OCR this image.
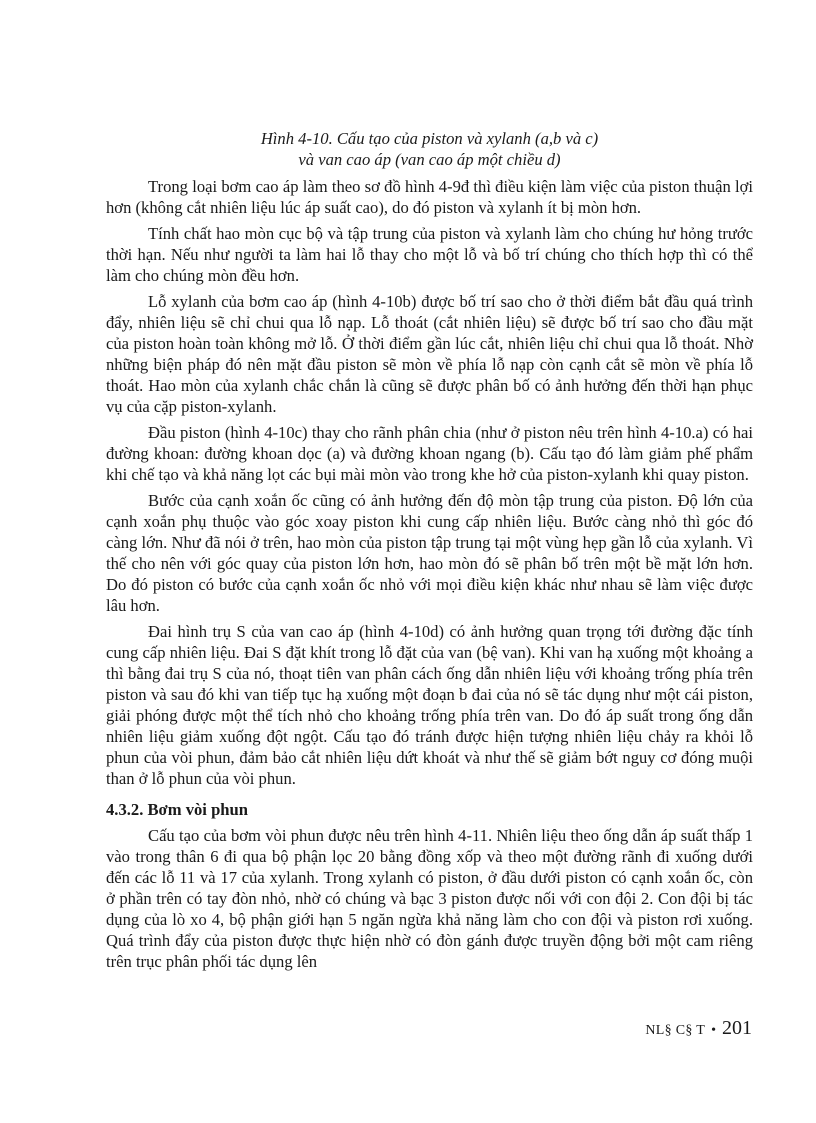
Hình 4-10. Cấu tạo của piston và xylanh (a,b và c)
và van cao áp (van cao áp một chiều d)

Trong loại bơm cao áp làm theo sơ đồ hình 4-9đ thì điều kiện làm việc của piston thuận lợi hơn (không cắt nhiên liệu lúc áp suất cao), do đó piston và xylanh ít bị mòn hơn.

Tính chất hao mòn cục bộ và tập trung của piston và xylanh làm cho chúng hư hỏng trước thời hạn. Nếu như người ta làm hai lỗ thay cho một lỗ và bố trí chúng cho thích hợp thì có thể làm cho chúng mòn đều hơn.

Lỗ xylanh của bơm cao áp (hình 4-10b) được bố trí sao cho ở thời điểm bắt đầu quá trình đẩy, nhiên liệu sẽ chỉ chui qua lỗ nạp. Lỗ thoát (cắt nhiên liệu) sẽ được bố trí sao cho đầu mặt của piston hoàn toàn không mở lỗ. Ở thời điểm gần lúc cắt, nhiên liệu chỉ chui qua lỗ thoát. Nhờ những biện pháp đó nên mặt đầu piston sẽ mòn về phía lỗ nạp còn cạnh cắt sẽ mòn về phía lỗ thoát. Hao mòn của xylanh chắc chắn là cũng sẽ được phân bố có ảnh hưởng đến thời hạn phục vụ của cặp piston-xylanh.

Đầu piston (hình 4-10c) thay cho rãnh phân chia (như ở piston nêu trên hình 4-10.a) có hai đường khoan: đường khoan dọc (a) và đường khoan ngang (b). Cấu tạo đó làm giảm phế phẩm khi chế tạo và khả năng lọt các bụi mài mòn vào trong khe hở của piston-xylanh khi quay piston.

Bước của cạnh xoắn ốc cũng có ảnh hưởng đến độ mòn tập trung của piston. Độ lớn của cạnh xoắn phụ thuộc vào góc xoay piston khi cung cấp nhiên liệu. Bước càng nhỏ thì góc đó càng lớn. Như đã nói ở trên, hao mòn của piston tập trung tại một vùng hẹp gần lỗ của xylanh. Vì thế cho nên với góc quay của piston lớn hơn, hao mòn đó sẽ phân bố trên một bề mặt lớn hơn. Do đó piston có bước của cạnh xoắn ốc nhỏ với mọi điều kiện khác như nhau sẽ làm việc được lâu hơn.

Đai hình trụ S của van cao áp (hình 4-10d) có ảnh hưởng quan trọng tới đường đặc tính cung cấp nhiên liệu. Đai S đặt khít trong lỗ đặt của van (bệ van). Khi van hạ xuống một khoảng a thì bằng đai trụ S của nó, thoạt tiên van phân cách ống dẫn nhiên liệu với khoảng trống phía trên piston và sau đó khi van tiếp tục hạ xuống một đoạn b đai của nó sẽ tác dụng như một cái piston, giải phóng được một thể tích nhỏ cho khoảng trống phía trên van. Do đó áp suất trong ống dẫn nhiên liệu giảm xuống đột ngột. Cấu tạo đó tránh được hiện tượng nhiên liệu chảy ra khỏi lỗ phun của vòi phun, đảm bảo cắt nhiên liệu dứt khoát và như thế sẽ giảm bớt nguy cơ đóng muội than ở lỗ phun của vòi phun.

4.3.2. Bơm vòi phun

Cấu tạo của bơm vòi phun được nêu trên hình 4-11. Nhiên liệu theo ống dẫn áp suất thấp 1 vào trong thân 6 đi qua bộ phận lọc 20 bằng đồng xốp và theo một đường rãnh đi xuống dưới đến các lỗ 11 và 17 của xylanh. Trong xylanh có piston, ở đầu dưới piston có cạnh xoắn ốc, còn ở phần trên có tay đòn nhỏ, nhờ có chúng và bạc 3 piston được nối với con đội 2. Con đội bị tác dụng của lò xo 4, bộ phận giới hạn 5 ngăn ngừa khả năng làm cho con đội và piston rơi xuống. Quá trình đẩy của piston được thực hiện nhờ có đòn gánh được truyền động bởi một cam riêng trên trục phân phối tác dụng lên

NL§ C§ T • 201
